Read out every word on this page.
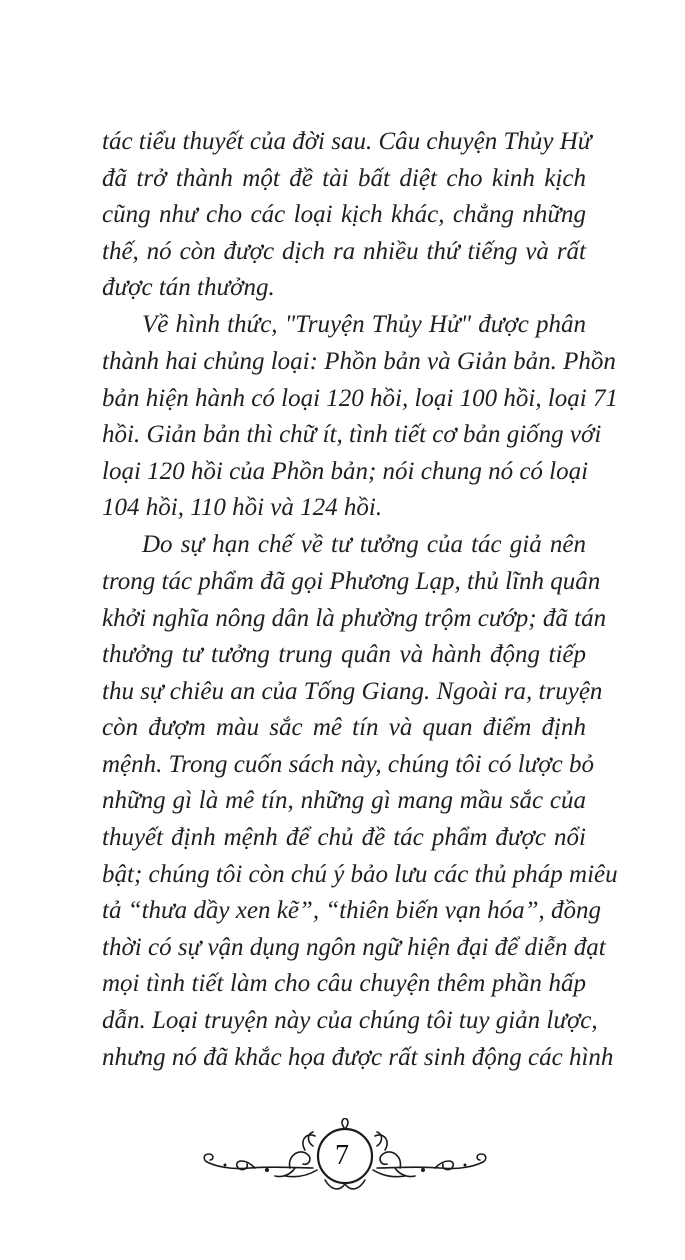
tác tiểu thuyết của đời sau. Câu chuyện Thủy Hử
đã trở thành một đề tài bất diệt cho kinh kịch
cũng như cho các loại kịch khác, chẳng những
thế, nó còn được dịch ra nhiều thứ tiếng và rất
được tán thưởng.
Về hình thức, "Truyện Thủy Hử" được phân
thành hai chủng loại: Phồn bản và Giản bản. Phồn
bản hiện hành có loại 120 hồi, loại 100 hồi, loại 71
hồi. Giản bản thì chữ ít, tình tiết cơ bản giống với
loại 120 hồi của Phồn bản; nói chung nó có loại
104 hồi, 110 hồi và 124 hồi.
Do sự hạn chế về tư tưởng của tác giả nên
trong tác phẩm đã gọi Phương Lạp, thủ lĩnh quân
khởi nghĩa nông dân là phường trộm cướp; đã tán
thưởng tư tưởng trung quân và hành động tiếp
thu sự chiêu an của Tống Giang. Ngoài ra, truyện
còn đượm màu sắc mê tín và quan điểm định
mệnh. Trong cuốn sách này, chúng tôi có lược bỏ
những gì là mê tín, những gì mang mầu sắc của
thuyết định mệnh để chủ đề tác phẩm được nổi
bật; chúng tôi còn chú ý bảo lưu các thủ pháp miêu
tả “thưa dầy xen kẽ”, “thiên biến vạn hóa”, đồng
thời có sự vận dụng ngôn ngữ hiện đại để diễn đạt
mọi tình tiết làm cho câu chuyện thêm phần hấp
dẫn. Loại truyện này của chúng tôi tuy giản lược,
nhưng nó đã khắc họa được rất sinh động các hình
7
